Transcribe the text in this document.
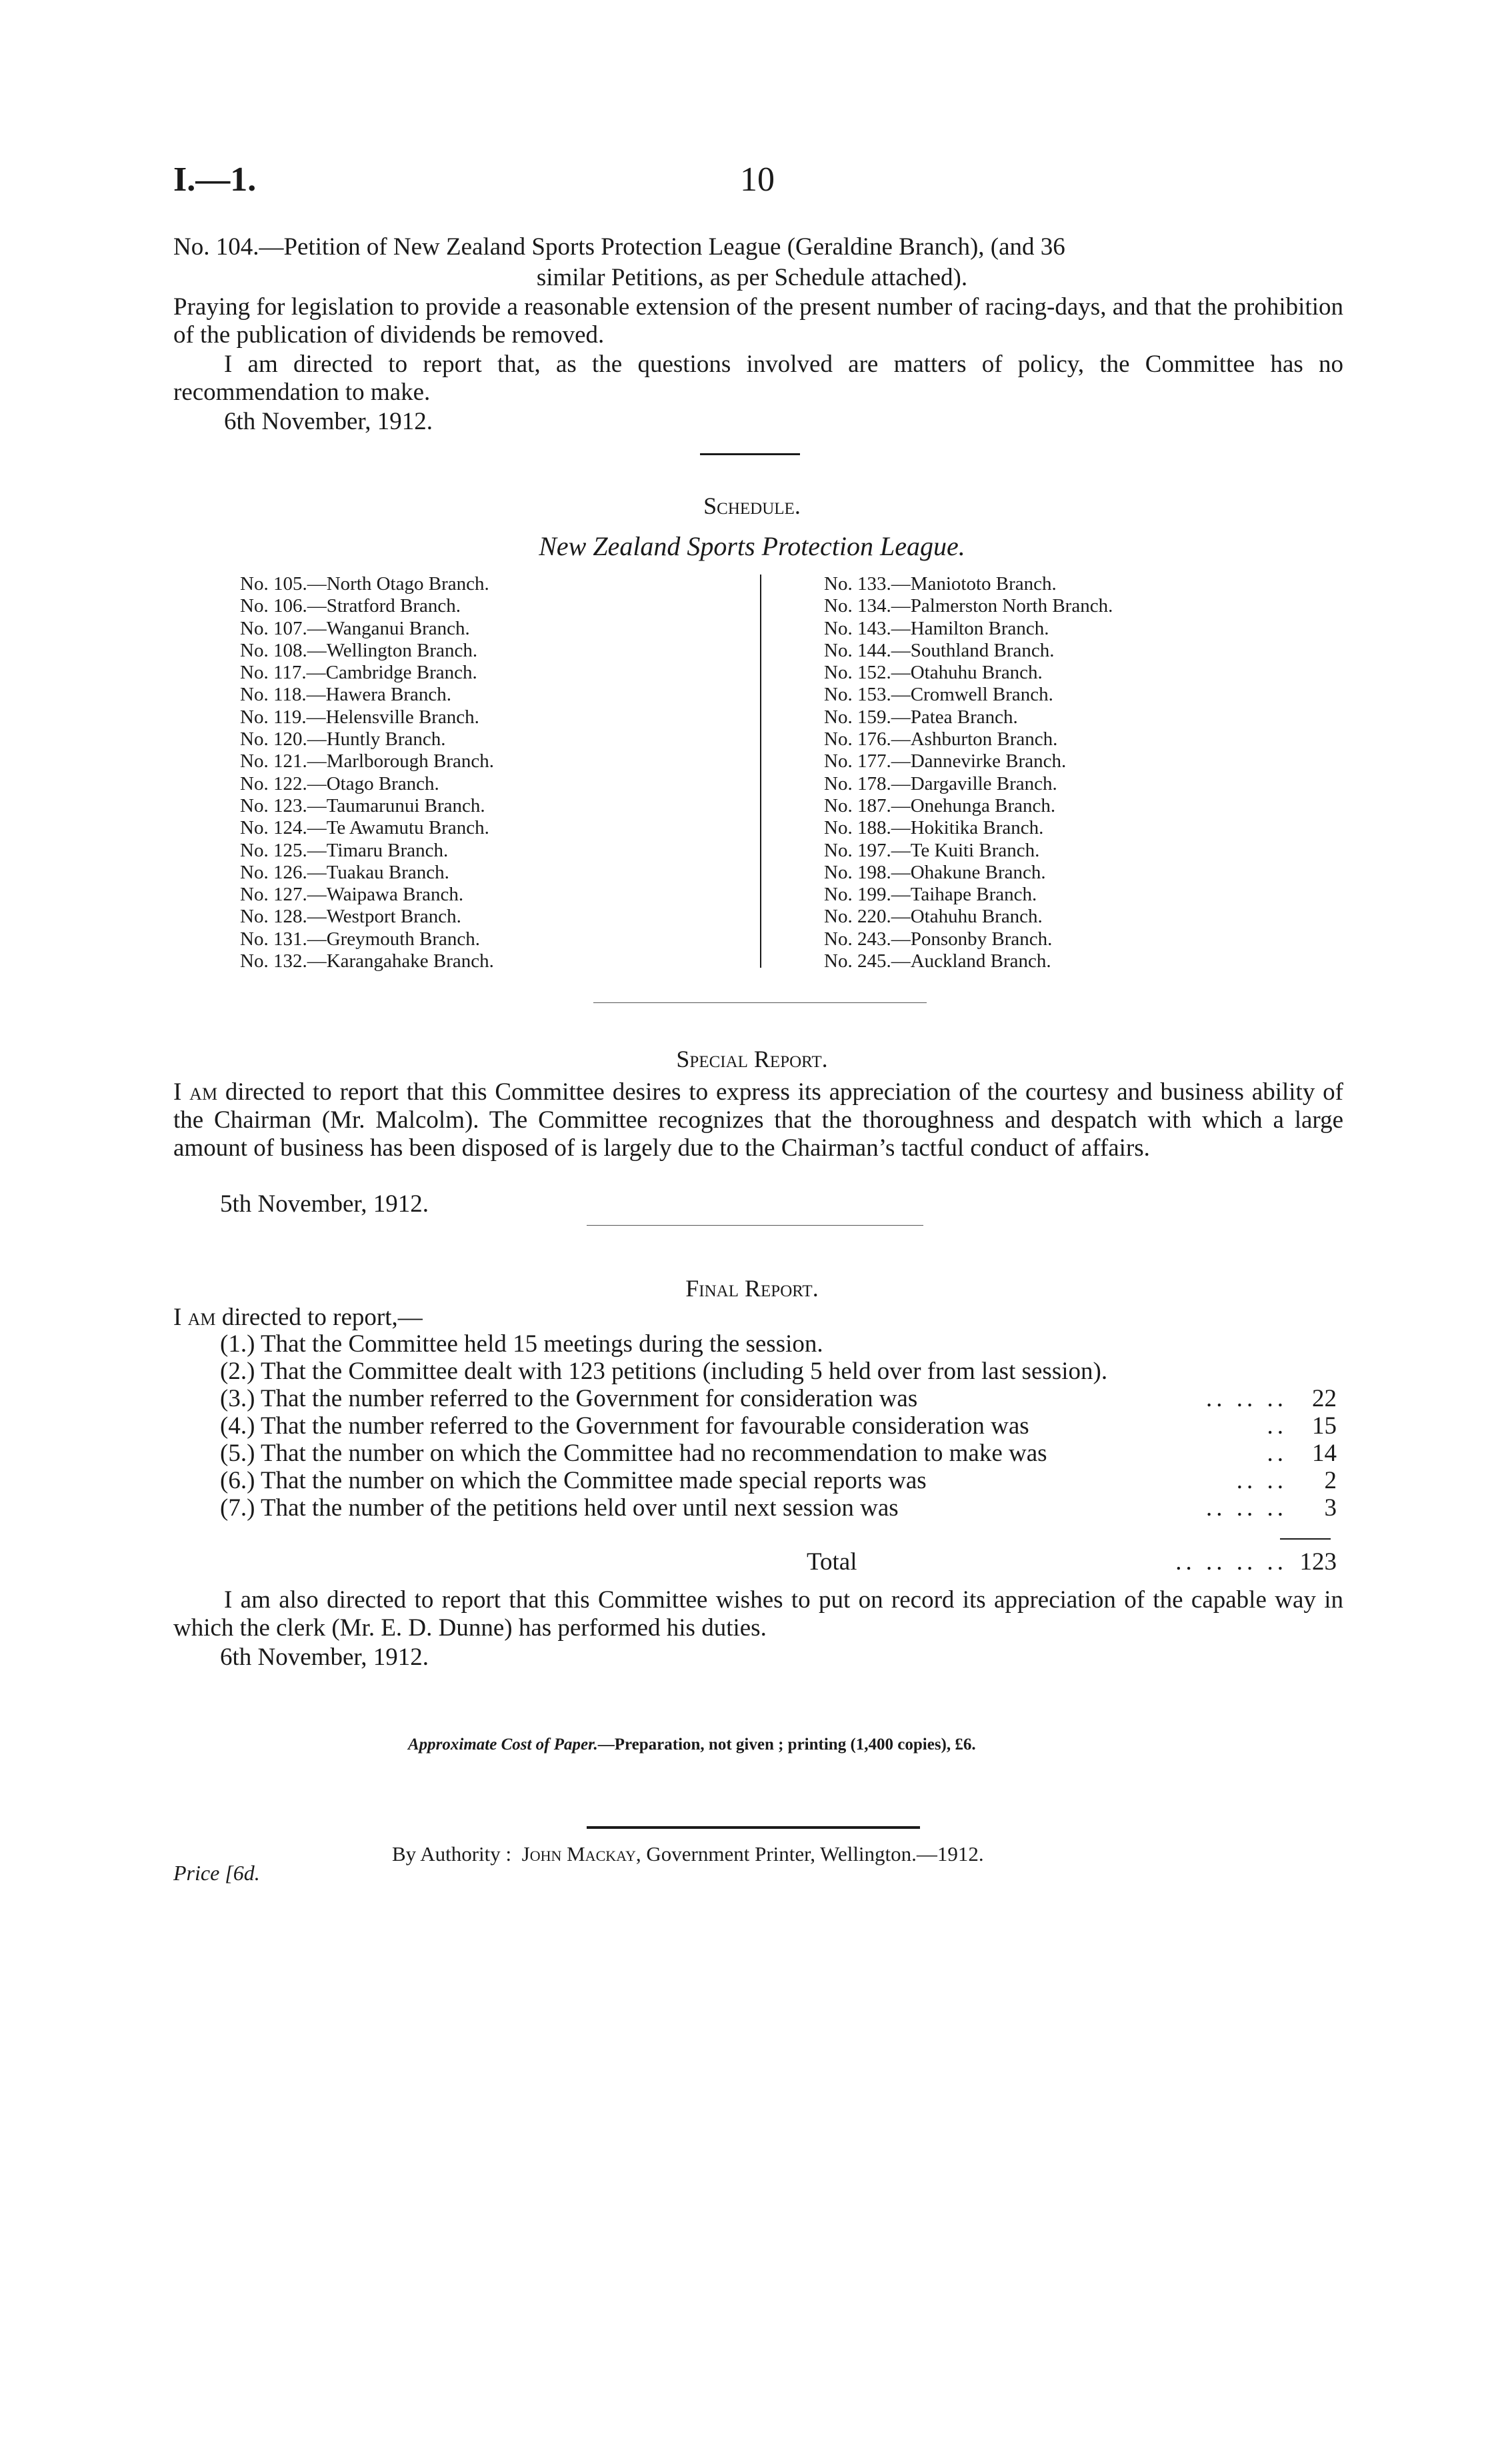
I.—1.	10
No. 104.—Petition of New Zealand Sports Protection League (Geraldine Branch), (and 36
similar Petitions, as per Schedule attached).
Praying for legislation to provide a reasonable extension of the present number of racing-days, and that the prohibition of the publication of dividends be removed.
I am directed to report that, as the questions involved are matters of policy, the Committee has no recommendation to make.
6th November, 1912.
Schedule.
New Zealand Sports Protection League.
No. 105.—North Otago Branch.
No. 106.—Stratford Branch.
No. 107.—Wanganui Branch.
No. 108.—Wellington Branch.
No. 117.—Cambridge Branch.
No. 118.—Hawera Branch.
No. 119.—Helensville Branch.
No. 120.—Huntly Branch.
No. 121.—Marlborough Branch.
No. 122.—Otago Branch.
No. 123.—Taumarunui Branch.
No. 124.—Te Awamutu Branch.
No. 125.—Timaru Branch.
No. 126.—Tuakau Branch.
No. 127.—Waipawa Branch.
No. 128.—Westport Branch.
No. 131.—Greymouth Branch.
No. 132.—Karangahake Branch.
No. 133.—Maniototo Branch.
No. 134.—Palmerston North Branch.
No. 143.—Hamilton Branch.
No. 144.—Southland Branch.
No. 152.—Otahuhu Branch.
No. 153.—Cromwell Branch.
No. 159.—Patea Branch.
No. 176.—Ashburton Branch.
No. 177.—Dannevirke Branch.
No. 178.—Dargaville Branch.
No. 187.—Onehunga Branch.
No. 188.—Hokitika Branch.
No. 197.—Te Kuiti Branch.
No. 198.—Ohakune Branch.
No. 199.—Taihape Branch.
No. 220.—Otahuhu Branch.
No. 243.—Ponsonby Branch.
No. 245.—Auckland Branch.
Special Report.
I am directed to report that this Committee desires to express its appreciation of the courtesy and business ability of the Chairman (Mr. Malcolm). The Committee recognizes that the thoroughness and despatch with which a large amount of business has been disposed of is largely due to the Chairman’s tactful conduct of affairs.
5th November, 1912.
Final Report.
I am directed to report,—
(1.) That the Committee held 15 meetings during the session.
(2.) That the Committee dealt with 123 petitions (including 5 held over from last session).
(3.) That the number referred to the Government for consideration was	.. .. .. 22
(4.) That the number referred to the Government for favourable consideration was	.. 15
(5.) That the number on which the Committee had no recommendation to make was	.. 14
(6.) That the number on which the Committee made special reports was	.. .. 2
(7.) That the number of the petitions held over until next session was	.. .. .. 3
Total	.. .. .. .. 123
I am also directed to report that this Committee wishes to put on record its appreciation of the capable way in which the clerk (Mr. E. D. Dunne) has performed his duties.
6th November, 1912.
Approximate Cost of Paper.—Preparation, not given ; printing (1,400 copies), £6.
By Authority : John Mackay, Government Printer, Wellington.—1912.
Price [6d.
